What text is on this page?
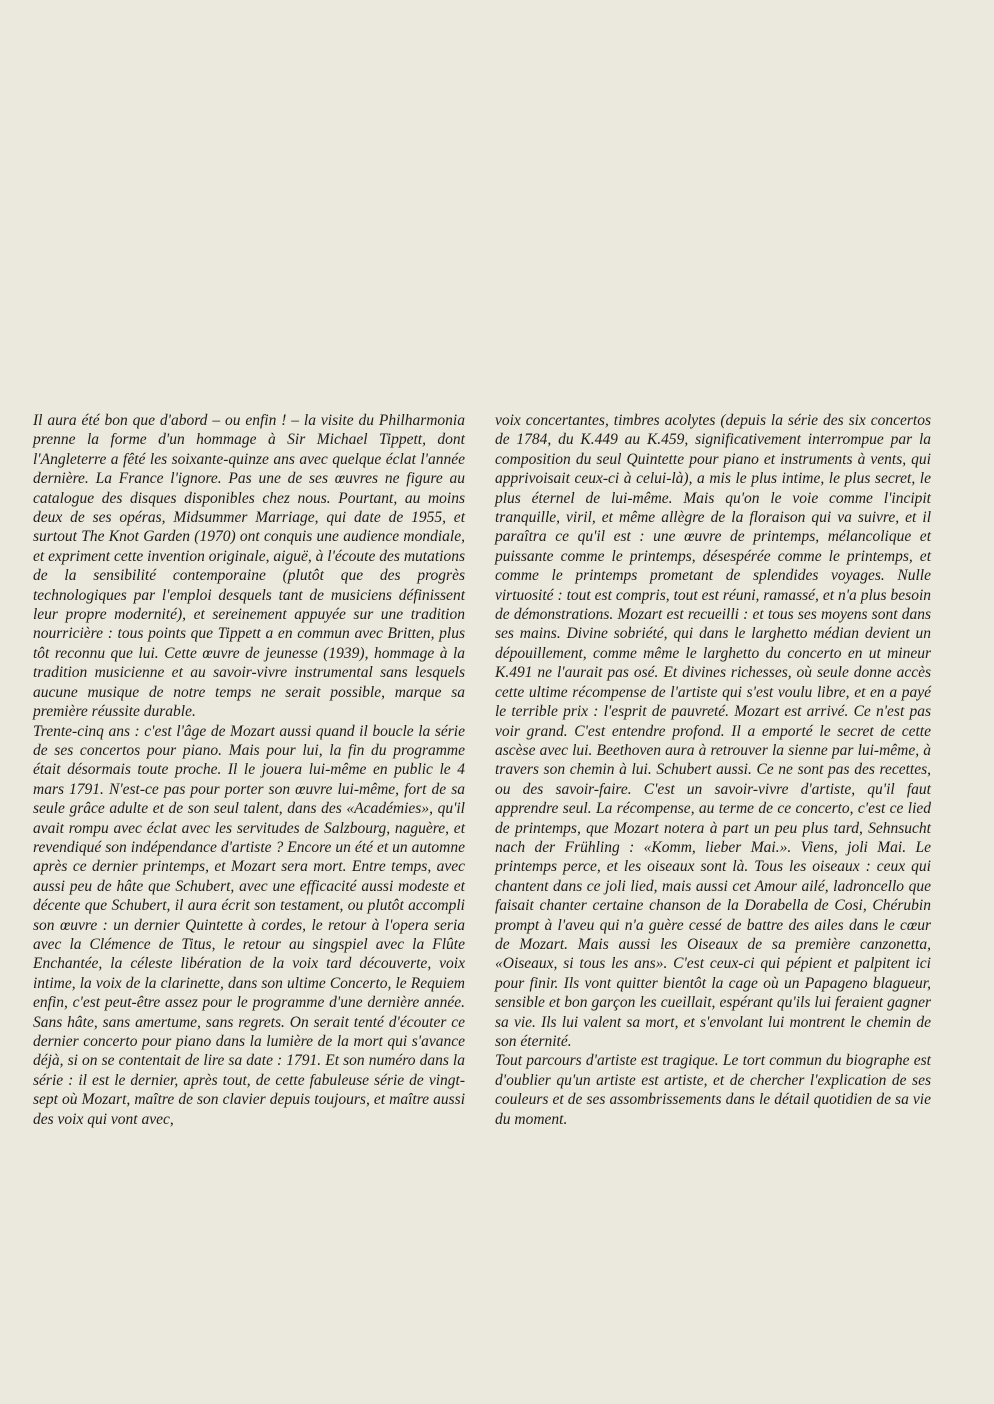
Il aura été bon que d'abord – ou enfin ! – la visite du Philharmonia prenne la forme d'un hommage à Sir Michael Tippett, dont l'Angleterre a fêté les soixante-quinze ans avec quelque éclat l'année dernière. La France l'ignore. Pas une de ses œuvres ne figure au catalogue des disques disponibles chez nous. Pourtant, au moins deux de ses opéras, Midsummer Marriage, qui date de 1955, et surtout The Knot Garden (1970) ont conquis une audience mondiale, et expriment cette invention originale, aiguë, à l'écoute des mutations de la sensibilité contemporaine (plutôt que des progrès technologiques par l'emploi desquels tant de musiciens définissent leur propre modernité), et sereinement appuyée sur une tradition nourricière : tous points que Tippett a en commun avec Britten, plus tôt reconnu que lui. Cette œuvre de jeunesse (1939), hommage à la tradition musicienne et au savoir-vivre instrumental sans lesquels aucune musique de notre temps ne serait possible, marque sa première réussite durable.

Trente-cinq ans : c'est l'âge de Mozart aussi quand il boucle la série de ses concertos pour piano. Mais pour lui, la fin du programme était désormais toute proche. Il le jouera lui-même en public le 4 mars 1791. N'est-ce pas pour porter son œuvre lui-même, fort de sa seule grâce adulte et de son seul talent, dans des «Académies», qu'il avait rompu avec éclat avec les servitudes de Salzbourg, naguère, et revendiqué son indépendance d'artiste ? Encore un été et un automne après ce dernier printemps, et Mozart sera mort. Entre temps, avec aussi peu de hâte que Schubert, avec une efficacité aussi modeste et décente que Schubert, il aura écrit son testament, ou plutôt accompli son œuvre : un dernier Quintette à cordes, le retour à l'opera seria avec la Clémence de Titus, le retour au singspiel avec la Flûte Enchantée, la céleste libération de la voix tard découverte, voix intime, la voix de la clarinette, dans son ultime Concerto, le Requiem enfin, c'est peut-être assez pour le programme d'une dernière année. Sans hâte, sans amertume, sans regrets. On serait tenté d'écouter ce dernier concerto pour piano dans la lumière de la mort qui s'avance déjà, si on se contentait de lire sa date : 1791. Et son numéro dans la série : il est le dernier, après tout, de cette fabuleuse série de vingt-sept où Mozart, maître de son clavier depuis toujours, et maître aussi des voix qui vont avec,

voix concertantes, timbres acolytes (depuis la série des six concertos de 1784, du K.449 au K.459, significativement interrompue par la composition du seul Quintette pour piano et instruments à vents, qui apprivoisait ceux-ci à celui-là), a mis le plus intime, le plus secret, le plus éternel de lui-même. Mais qu'on le voie comme l'incipit tranquille, viril, et même allègre de la floraison qui va suivre, et il paraîtra ce qu'il est : une œuvre de printemps, mélancolique et puissante comme le printemps, désespérée comme le printemps, et comme le printemps prometant de splendides voyages. Nulle virtuosité : tout est compris, tout est réuni, ramassé, et n'a plus besoin de démonstrations. Mozart est recueilli : et tous ses moyens sont dans ses mains. Divine sobriété, qui dans le larghetto médian devient un dépouillement, comme même le larghetto du concerto en ut mineur K.491 ne l'aurait pas osé. Et divines richesses, où seule donne accès cette ultime récompense de l'artiste qui s'est voulu libre, et en a payé le terrible prix : l'esprit de pauvreté. Mozart est arrivé. Ce n'est pas voir grand. C'est entendre profond. Il a emporté le secret de cette ascèse avec lui. Beethoven aura à retrouver la sienne par lui-même, à travers son chemin à lui. Schubert aussi. Ce ne sont pas des recettes, ou des savoir-faire. C'est un savoir-vivre d'artiste, qu'il faut apprendre seul. La récompense, au terme de ce concerto, c'est ce lied de printemps, que Mozart notera à part un peu plus tard, Sehnsucht nach der Frühling : «Komm, lieber Mai.». Viens, joli Mai. Le printemps perce, et les oiseaux sont là. Tous les oiseaux : ceux qui chantent dans ce joli lied, mais aussi cet Amour ailé, ladroncello que faisait chanter certaine chanson de la Dorabella de Cosi, Chérubin prompt à l'aveu qui n'a guère cessé de battre des ailes dans le cœur de Mozart. Mais aussi les Oiseaux de sa première canzonetta, «Oiseaux, si tous les ans». C'est ceux-ci qui pépient et palpitent ici pour finir. Ils vont quitter bientôt la cage où un Papageno blagueur, sensible et bon garçon les cueillait, espérant qu'ils lui feraient gagner sa vie. Ils lui valent sa mort, et s'envolant lui montrent le chemin de son éternité.

Tout parcours d'artiste est tragique. Le tort commun du biographe est d'oublier qu'un artiste est artiste, et de chercher l'explication de ses couleurs et de ses assombrissements dans le détail quotidien de sa vie du moment.
